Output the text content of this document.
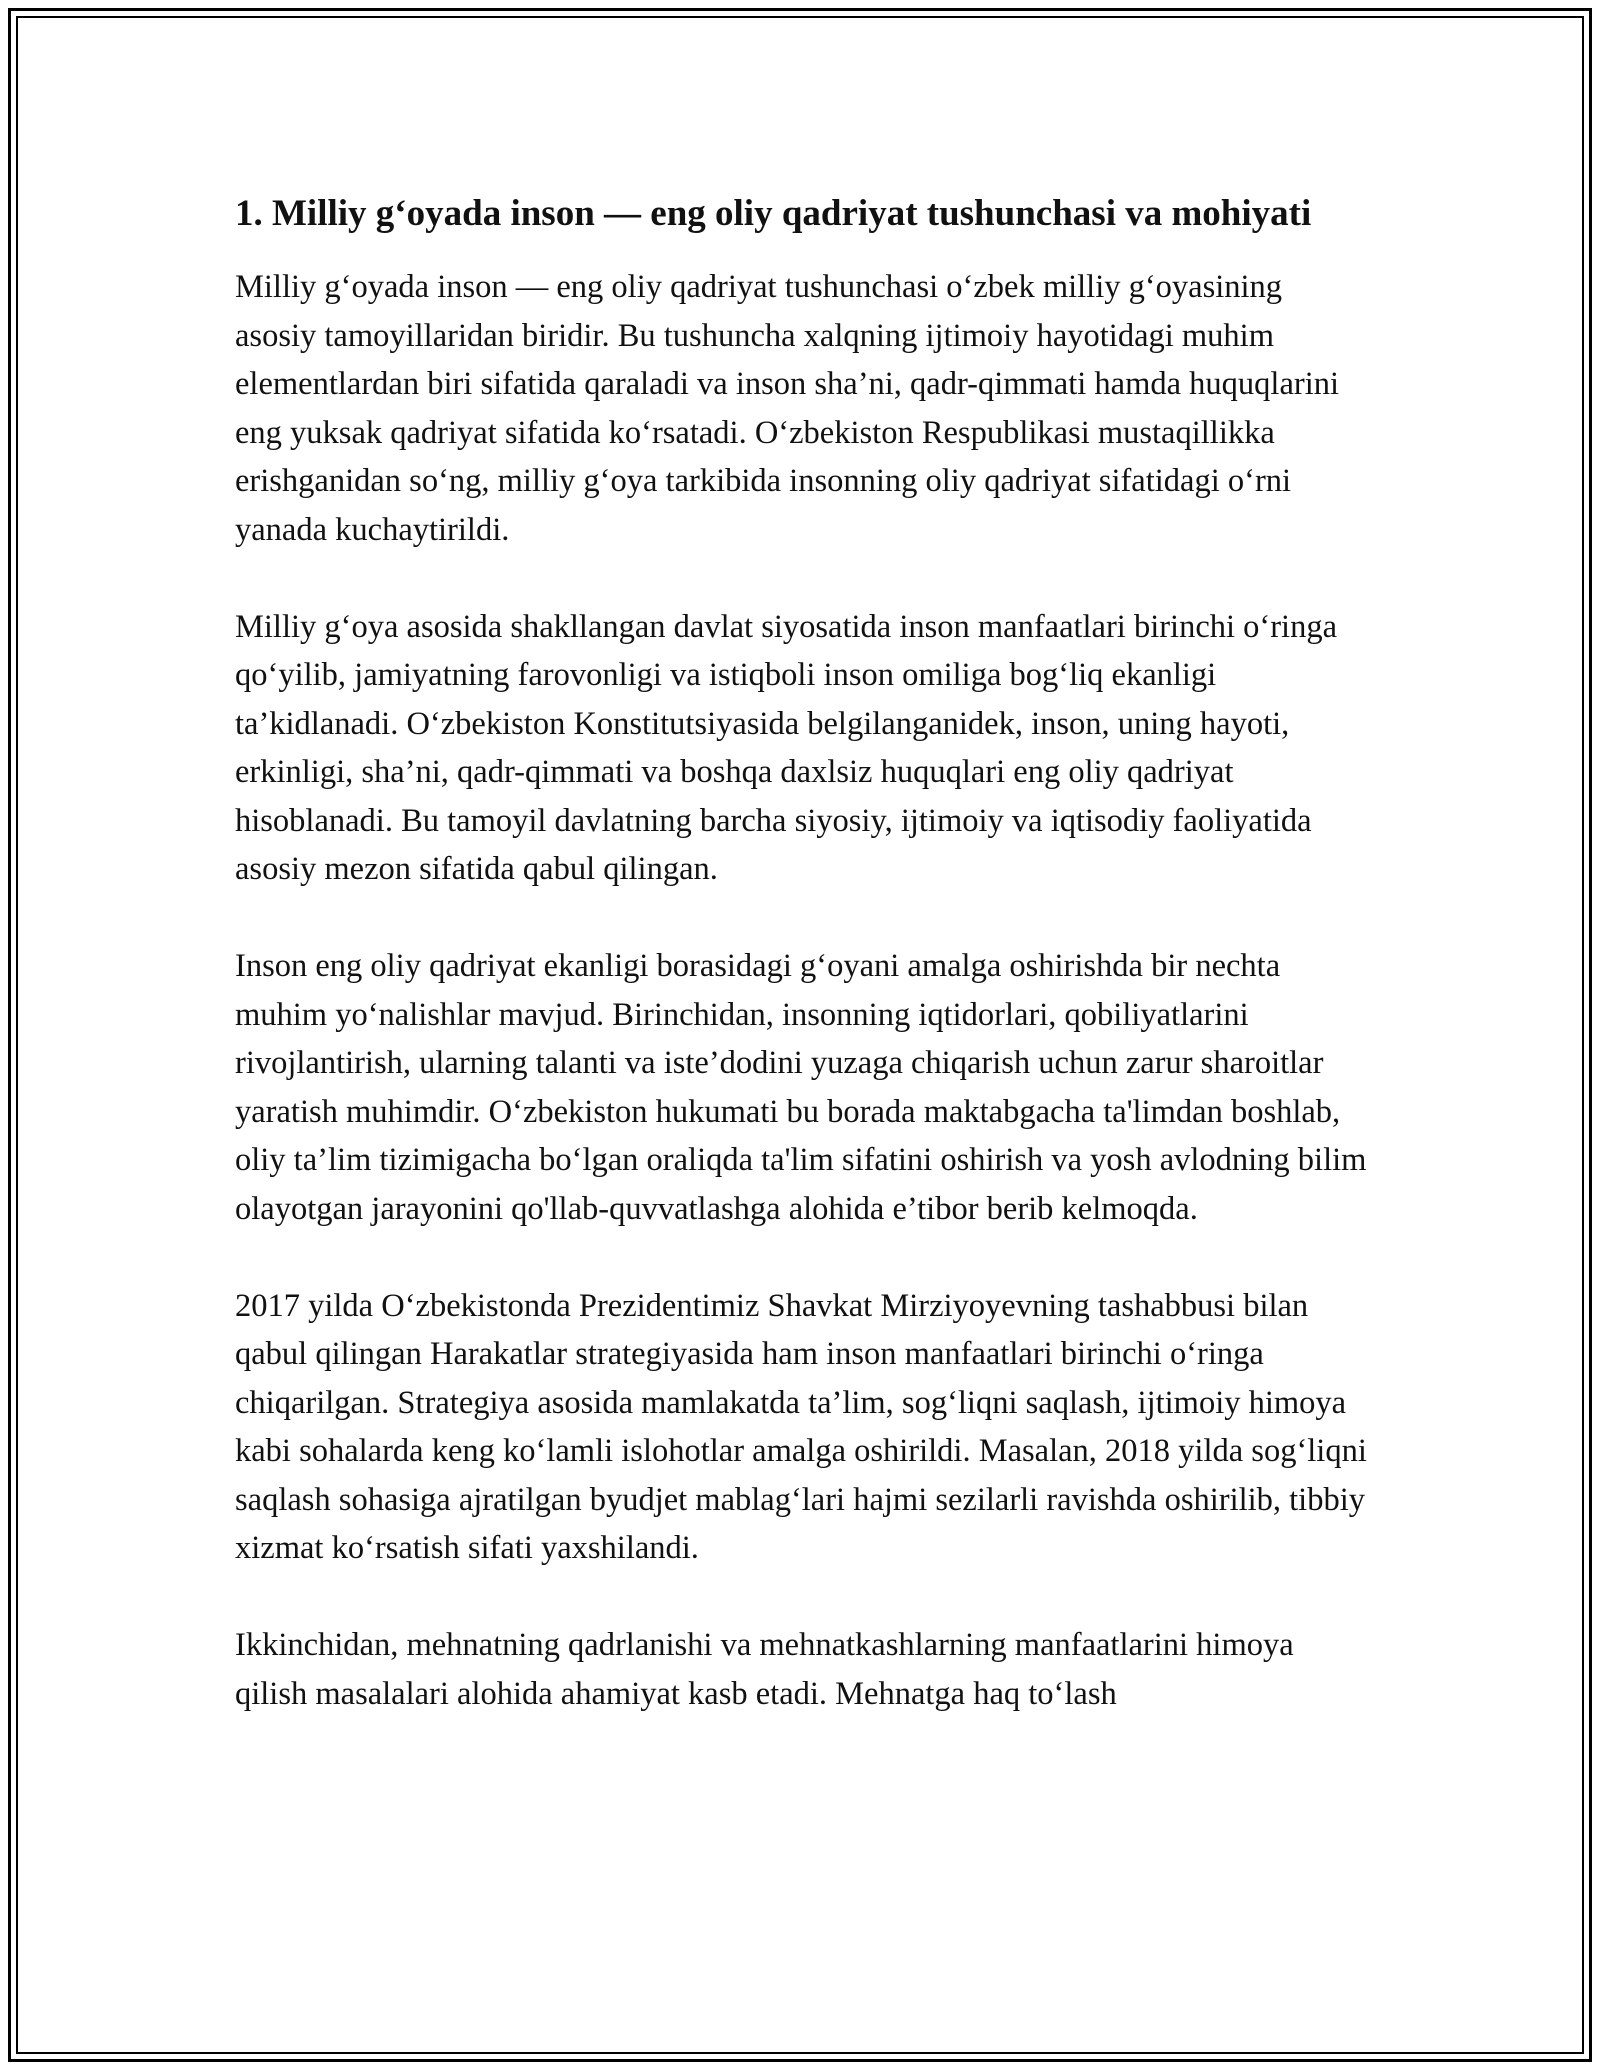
1. Milliy g‘oyada inson — eng oliy qadriyat tushunchasi va mohiyati

Milliy g‘oyada inson — eng oliy qadriyat tushunchasi o‘zbek milliy g‘oyasining asosiy tamoyillaridan biridir. Bu tushuncha xalqning ijtimoiy hayotidagi muhim elementlardan biri sifatida qaraladi va inson sha’ni, qadr-qimmati hamda huquqlarini eng yuksak qadriyat sifatida ko‘rsatadi. O‘zbekiston Respublikasi mustaqillikka erishganidan so‘ng, milliy g‘oya tarkibida insonning oliy qadriyat sifatidagi o‘rni yanada kuchaytirildi.

Milliy g‘oya asosida shakllangan davlat siyosatida inson manfaatlari birinchi o‘ringa qo‘yilib, jamiyatning farovonligi va istiqboli inson omiliga bog‘liq ekanligi ta’kidlanadi. O‘zbekiston Konstitutsiyasida belgilanganidek, inson, uning hayoti, erkinligi, sha’ni, qadr-qimmati va boshqa daxlsiz huquqlari eng oliy qadriyat hisoblanadi. Bu tamoyil davlatning barcha siyosiy, ijtimoiy va iqtisodiy faoliyatida asosiy mezon sifatida qabul qilingan.

Inson eng oliy qadriyat ekanligi borasidagi g‘oyani amalga oshirishda bir nechta muhim yo‘nalishlar mavjud. Birinchidan, insonning iqtidorlari, qobiliyatlarini rivojlantirish, ularning talanti va iste’dodini yuzaga chiqarish uchun zarur sharoitlar yaratish muhimdir. O‘zbekiston hukumati bu borada maktabgacha ta'limdan boshlab, oliy ta’lim tizimigacha bo‘lgan oraliqda ta'lim sifatini oshirish va yosh avlodning bilim olayotgan jarayonini qo'llab-quvvatlashga alohida e’tibor berib kelmoqda.

2017 yilda O‘zbekistonda Prezidentimiz Shavkat Mirziyoyevning tashabbusi bilan qabul qilingan Harakatlar strategiyasida ham inson manfaatlari birinchi o‘ringa chiqarilgan. Strategiya asosida mamlakatda ta’lim, sog‘liqni saqlash, ijtimoiy himoya kabi sohalarda keng ko‘lamli islohotlar amalga oshirildi. Masalan, 2018 yilda sog‘liqni saqlash sohasiga ajratilgan byudjet mablag‘lari hajmi sezilarli ravishda oshirilib, tibbiy xizmat ko‘rsatish sifati yaxshilandi.

Ikkinchidan, mehnatning qadrlanishi va mehnatkashlarning manfaatlarini himoya qilish masalalari alohida ahamiyat kasb etadi. Mehnatga haq to‘lash
